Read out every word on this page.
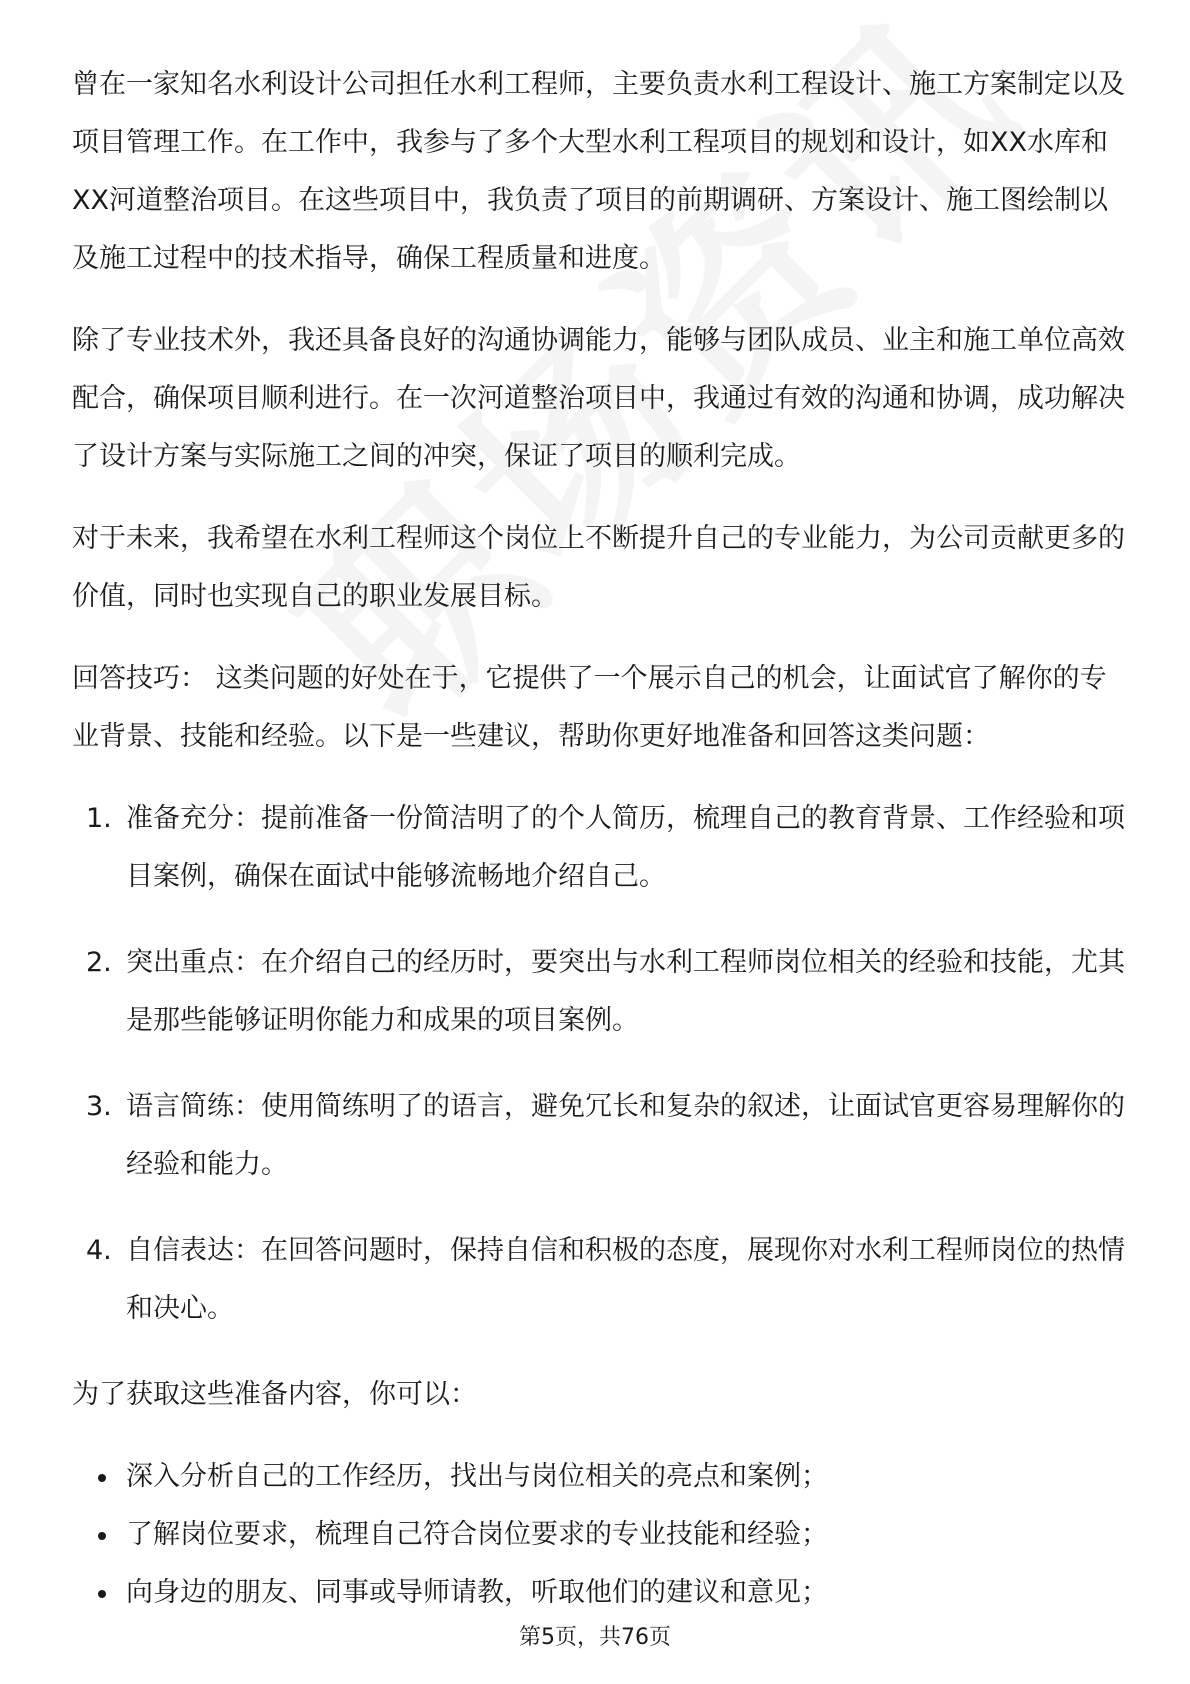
曾在一家知名水利设计公司担任水利工程师，主要负责水利工程设计、施工方案制定以及项目管理工作。在工作中，我参与了多个大型水利工程项目的规划和设计，如XX水库和XX河道整治项目。在这些项目中，我负责了项目的前期调研、方案设计、施工图绘制以及施工过程中的技术指导，确保工程质量和进度。

除了专业技术外，我还具备良好的沟通协调能力，能够与团队成员、业主和施工单位高效配合，确保项目顺利进行。在一次河道整治项目中，我通过有效的沟通和协调，成功解决了设计方案与实际施工之间的冲突，保证了项目的顺利完成。

对于未来，我希望在水利工程师这个岗位上不断提升自己的专业能力，为公司贡献更多的价值，同时也实现自己的职业发展目标。

回答技巧： 这类问题的好处在于，它提供了一个展示自己的机会，让面试官了解你的专业背景、技能和经验。以下是一些建议，帮助你更好地准备和回答这类问题：

1. 准备充分：提前准备一份简洁明了的个人简历，梳理自己的教育背景、工作经验和项目案例，确保在面试中能够流畅地介绍自己。
2. 突出重点：在介绍自己的经历时，要突出与水利工程师岗位相关的经验和技能，尤其是那些能够证明你能力和成果的项目案例。
3. 语言简练：使用简练明了的语言，避免冗长和复杂的叙述，让面试官更容易理解你的经验和能力。
4. 自信表达：在回答问题时，保持自信和积极的态度，展现你对水利工程师岗位的热情和决心。

为了获取这些准备内容，你可以：

深入分析自己的工作经历，找出与岗位相关的亮点和案例；
了解岗位要求，梳理自己符合岗位要求的专业技能和经验；
向身边的朋友、同事或导师请教，听取他们的建议和意见；
第5页，共76页
